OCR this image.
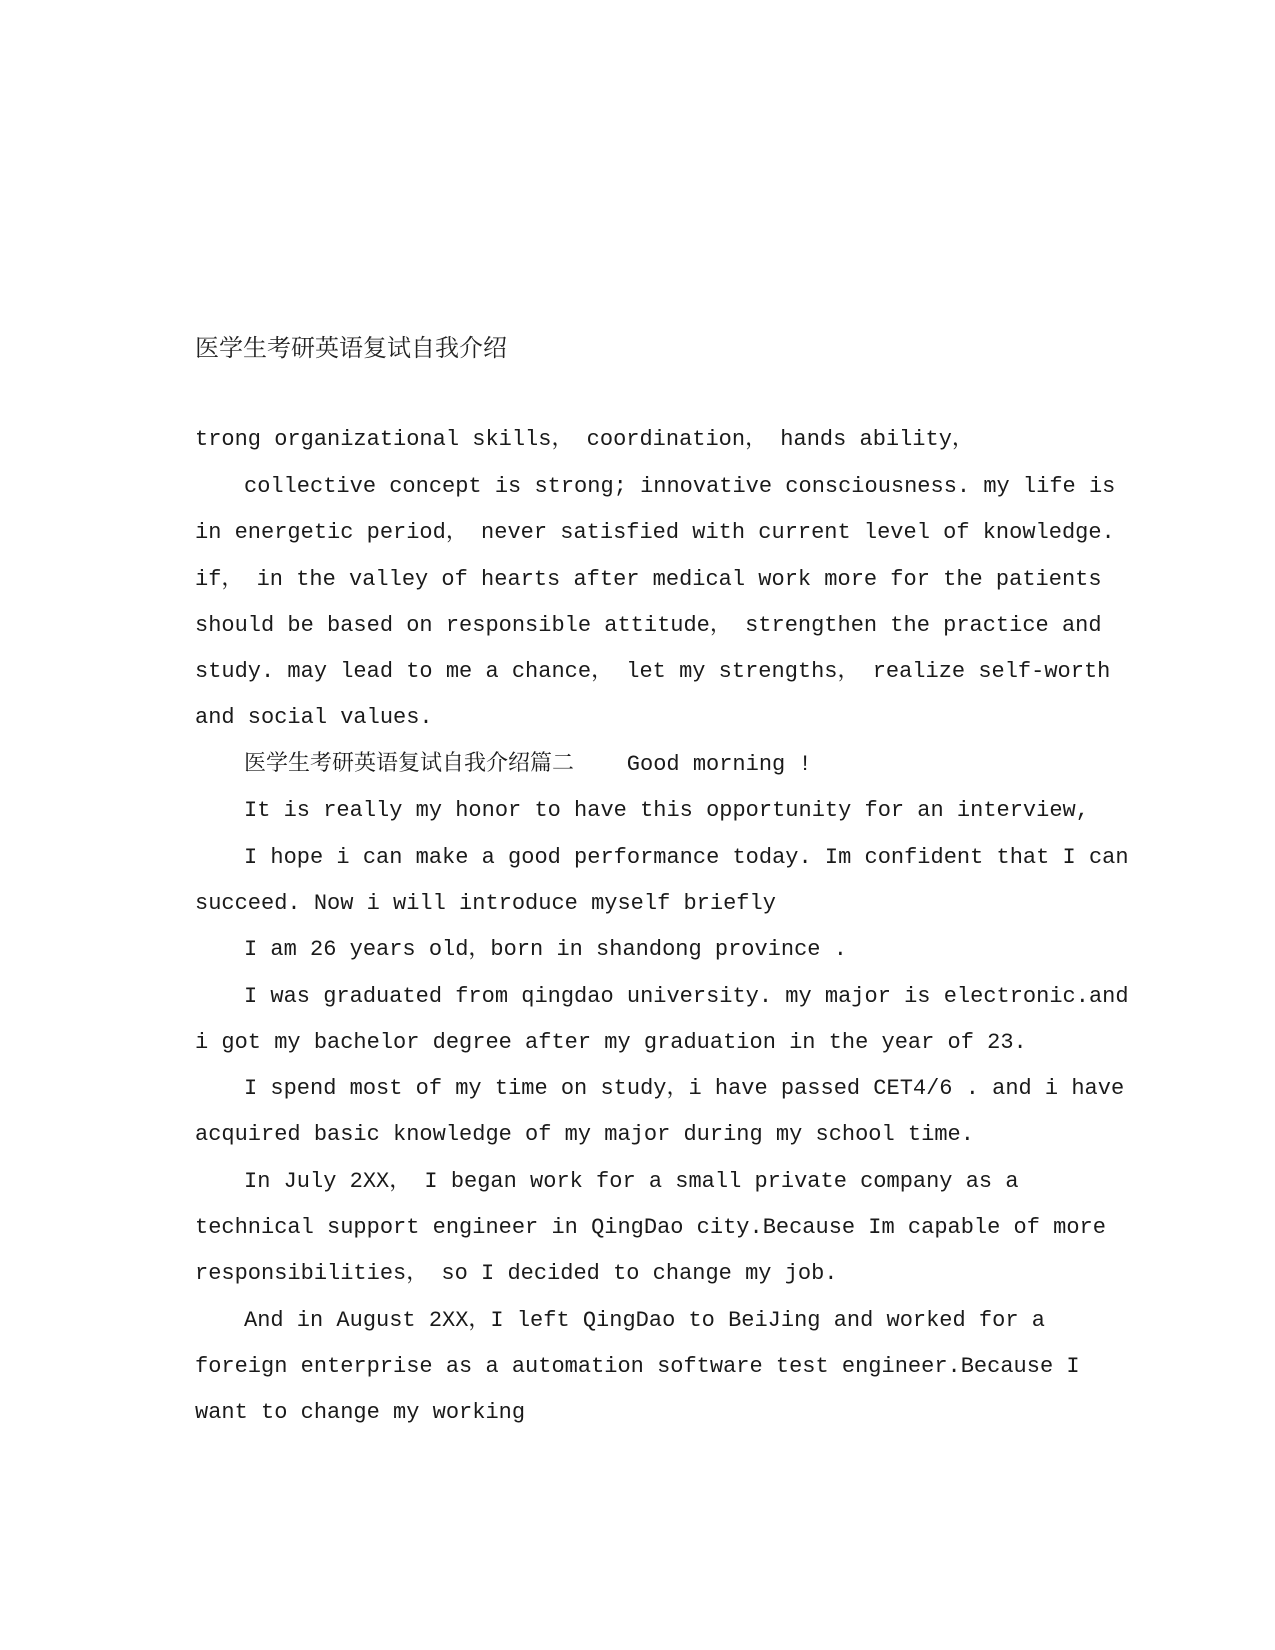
医学生考研英语复试自我介绍

trong organizational skills， coordination， hands ability，

collective concept is strong; innovative consciousness. my life is

in energetic period， never satisfied with current level of knowledge.

if， in the valley of hearts after medical work more for the patients

should be based on responsible attitude， strengthen the practice and

study. may lead to me a chance， let my strengths， realize self-worth

and social values.

医学生考研英语复试自我介绍篇二    Good morning !

It is really my honor to have this opportunity for an interview,

I hope i can make a good performance today. Im confident that I can

succeed. Now i will introduce myself briefly

I am 26 years old，born in shandong province .

I was graduated from qingdao university. my major is electronic.and

i got my bachelor degree after my graduation in the year of 23.

I spend most of my time on study，i have passed CET4/6 . and i have

acquired basic knowledge of my major during my school time.

In July 2XX， I began work for a small private company as a

technical support engineer in QingDao city.Because Im capable of more

responsibilities， so I decided to change my job.

And in August 2XX，I left QingDao to BeiJing and worked for a

foreign enterprise as a automation software test engineer.Because I

want to change my working
